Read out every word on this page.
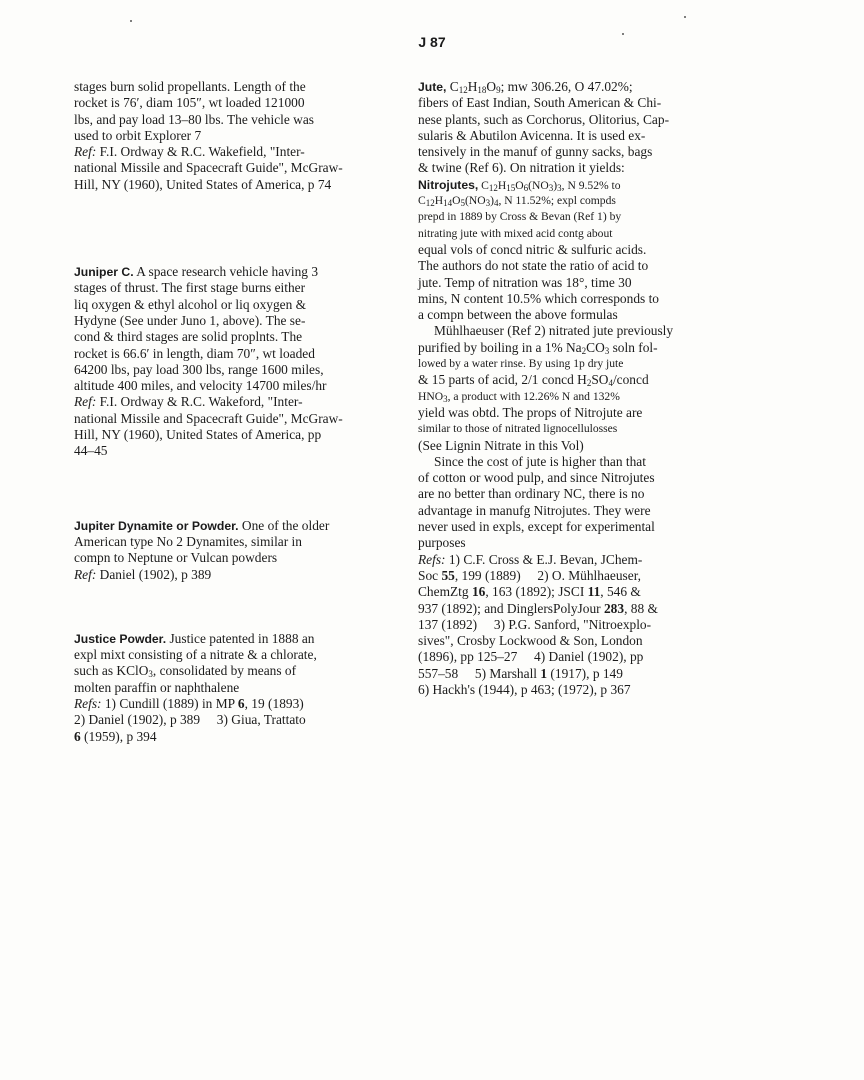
J 87
stages burn solid propellants. Length of the
rocket is 76′, diam 105″, wt loaded 121000
lbs, and pay load 13–80 lbs. The vehicle was
used to orbit Explorer 7
Ref: F.I. Ordway & R.C. Wakefield, "Inter-
national Missile and Spacecraft Guide", McGraw-
Hill, NY (1960), United States of America, p 74
Juniper C. A space research vehicle having 3
stages of thrust. The first stage burns either
liq oxygen & ethyl alcohol or liq oxygen &
Hydyne (See under Juno 1, above). The se-
cond & third stages are solid proplnts. The
rocket is 66.6′ in length, diam 70″, wt loaded
64200 lbs, pay load 300 lbs, range 1600 miles,
altitude 400 miles, and velocity 14700 miles/hr
Ref: F.I. Ordway & R.C. Wakeford, "Inter-
national Missile and Spacecraft Guide", McGraw-
Hill, NY (1960), United States of America, pp
44–45
Jupiter Dynamite or Powder. One of the older
American type No 2 Dynamites, similar in
compn to Neptune or Vulcan powders
Ref: Daniel (1902), p 389
Justice Powder. Justice patented in 1888 an
expl mixt consisting of a nitrate & a chlorate,
such as KClO$_3$, consolidated by means of
molten paraffin or naphthalene
Refs: 1) Cundill (1889) in MP 6, 19 (1893)
2) Daniel (1902), p 389     3) Giua, Trattato
6 (1959), p 394
Jute, $C_{12}H_{18}O_9$; mw 306.26, O 47.02%;
fibers of East Indian, South American & Chi-
nese plants, such as Corchorus, Olitorius, Cap-
sularis & Abutilon Avicenna. It is used ex-
tensively in the manuf of gunny sacks, bags
& twine (Ref 6). On nitration it yields:
Nitrojutes, $C_{12}H_{15}O_6(NO_3)_3$, N 9.52% to
$C_{12}H_{14}O_5(NO_3)_4$, N 11.52%; expl compds
prepd in 1889 by Cross & Bevan (Ref 1) by
nitrating jute with mixed acid contg about
equal vols of concd nitric & sulfuric acids.
The authors do not state the ratio of acid to
jute. Temp of nitration was 18°, time 30
mins, N content 10.5% which corresponds to
a compn between the above formulas
Mühlhaeuser (Ref 2) nitrated jute previously
purified by boiling in a 1% $Na_2CO_3$ soln fol-
lowed by a water rinse. By using 1p dry jute
& 15 parts of acid, 2/1 concd $H_2SO_4$/concd
$HNO_3$, a product with 12.26% N and 132%
yield was obtd. The props of Nitrojute are
similar to those of nitrated lignocellulosses
(See Lignin Nitrate in this Vol)
Since the cost of jute is higher than that
of cotton or wood pulp, and since Nitrojutes
are no better than ordinary NC, there is no
advantage in manufg Nitrojutes. They were
never used in expls, except for experimental
purposes
Refs: 1) C.F. Cross & E.J. Bevan, JChem-
Soc 55, 199 (1889)     2) O. Mühlhaeuser,
ChemZtg 16, 163 (1892); JSCI 11, 546 &
937 (1892); and DinglersPolyJour 283, 88 &
137 (1892)     3) P.G. Sanford, "Nitroexplo-
sives", Crosby Lockwood & Son, London
(1896), pp 125–27     4) Daniel (1902), pp
557–58     5) Marshall 1 (1917), p 149
6) Hackh's (1944), p 463; (1972), p 367
